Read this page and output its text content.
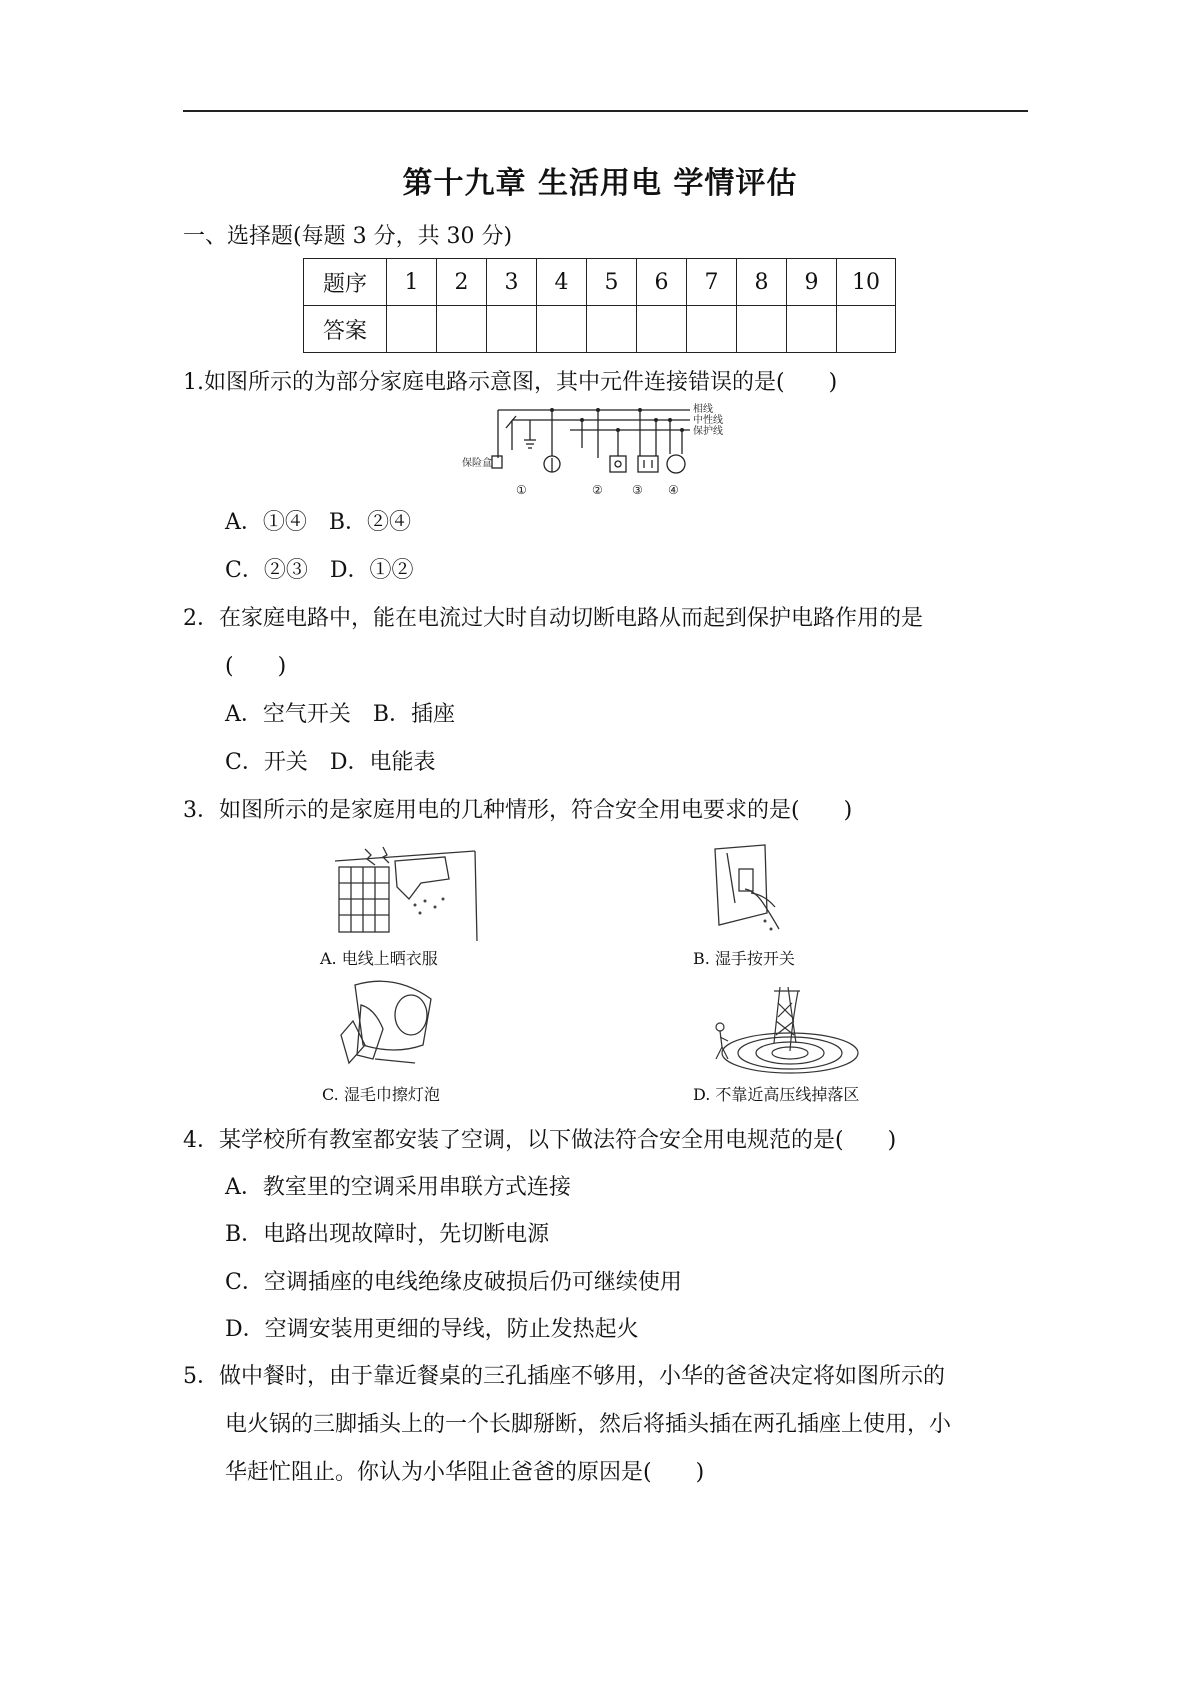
第十九章 生活用电 学情评估
一、选择题(每题 3 分，共 30 分)
题序	1	2	3	4	5	6	7	8	9	10
答案										
1.如图所示的为部分家庭电路示意图，其中元件连接错误的是(　　)
相线
中性线
保护线
保险盒
①	② ③ ④
A．①④　B．②④
C．②③　D．①②
2．在家庭电路中，能在电流过大时自动切断电路从而起到保护电路作用的是
(　　)
A．空气开关　B．插座
C．开关　D．电能表
3．如图所示的是家庭用电的几种情形，符合安全用电要求的是(　　)
A. 电线上晒衣服	B. 湿手按开关
C. 湿毛巾擦灯泡	D. 不靠近高压线掉落区
4．某学校所有教室都安装了空调，以下做法符合安全用电规范的是(　　)
A．教室里的空调采用串联方式连接
B．电路出现故障时，先切断电源
C．空调插座的电线绝缘皮破损后仍可继续使用
D．空调安装用更细的导线，防止发热起火
5．做中餐时，由于靠近餐桌的三孔插座不够用，小华的爸爸决定将如图所示的
电火锅的三脚插头上的一个长脚掰断，然后将插头插在两孔插座上使用，小
华赶忙阻止。你认为小华阻止爸爸的原因是(　　)
